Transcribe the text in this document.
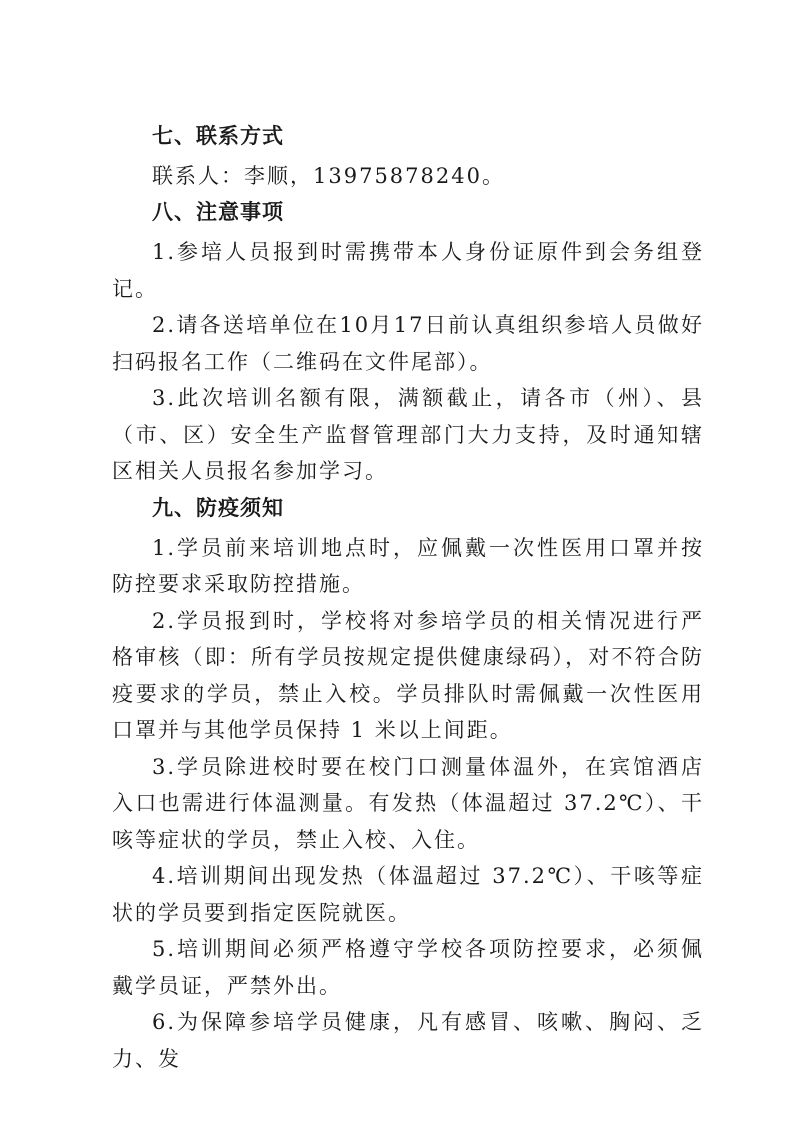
七、联系方式
联系人：李顺，13975878240。
八、注意事项

1.参培人员报到时需携带本人身份证原件到会务组登记。

2.请各送培单位在10月17日前认真组织参培人员做好扫码报名工作（二维码在文件尾部）。

3.此次培训名额有限，满额截止，请各市（州）、县（市、区）安全生产监督管理部门大力支持，及时通知辖区相关人员报名参加学习。

九、防疫须知

1.学员前来培训地点时，应佩戴一次性医用口罩并按防控要求采取防控措施。

2.学员报到时，学校将对参培学员的相关情况进行严格审核（即：所有学员按规定提供健康绿码），对不符合防疫要求的学员，禁止入校。学员排队时需佩戴一次性医用口罩并与其他学员保持 1 米以上间距。

3.学员除进校时要在校门口测量体温外，在宾馆酒店入口也需进行体温测量。有发热（体温超过 37.2℃）、干咳等症状的学员，禁止入校、入住。

4.培训期间出现发热（体温超过 37.2℃）、干咳等症状的学员要到指定医院就医。

5.培训期间必须严格遵守学校各项防控要求，必须佩戴学员证，严禁外出。

6.为保障参培学员健康，凡有感冒、咳嗽、胸闷、乏力、发
